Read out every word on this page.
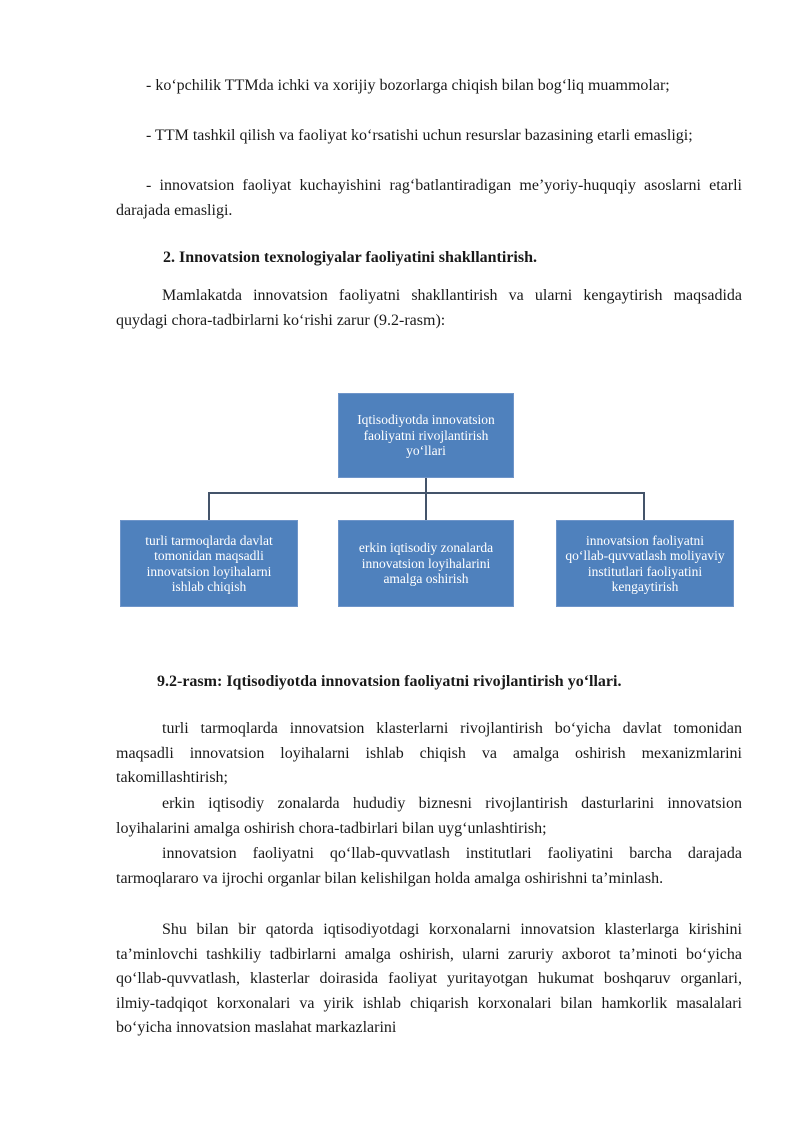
- ko‘pchilik TTMda ichki va xorijiy bozorlarga chiqish bilan bog‘liq muammolar;

- TTM tashkil qilish va faoliyat ko‘rsatishi uchun resurslar bazasining etarli emasligi;

- innovatsion faoliyat kuchayishini rag‘batlantiradigan me’yoriy-huquqiy asoslarni etarli darajada emasligi.

2. Innovatsion texnologiyalar faoliyatini shakllantirish.

Mamlakatda innovatsion faoliyatni shakllantirish va ularni kengaytirish maqsadida quydagi chora-tadbirlarni ko‘rishi zarur (9.2-rasm):

Iqtisodiyotda innovatsion faoliyatni rivojlantirish yo‘llari
turli tarmoqlarda davlat tomonidan maqsadli innovatsion loyihalarni ishlab chiqish
erkin iqtisodiy zonalarda innovatsion loyihalarini amalga oshirish
innovatsion faoliyatni qo‘llab-quvvatlash moliyaviy institutlari faoliyatini kengaytirish
9.2-rasm: Iqtisodiyotda innovatsion faoliyatni rivojlantirish yo‘llari.

turli tarmoqlarda innovatsion klasterlarni rivojlantirish bo‘yicha davlat tomonidan maqsadli innovatsion loyihalarni ishlab chiqish va amalga oshirish mexanizmlarini takomillashtirish;

erkin iqtisodiy zonalarda hududiy biznesni rivojlantirish dasturlarini innovatsion loyihalarini amalga oshirish chora-tadbirlari bilan uyg‘unlashtirish;

innovatsion faoliyatni qo‘llab-quvvatlash institutlari faoliyatini barcha darajada tarmoqlararo va ijrochi organlar bilan kelishilgan holda amalga oshirishni ta’minlash.

Shu bilan bir qatorda iqtisodiyotdagi korxonalarni innovatsion klasterlarga kirishini ta’minlovchi tashkiliy tadbirlarni amalga oshirish, ularni zaruriy axborot ta’minoti bo‘yicha qo‘llab-quvvatlash, klasterlar doirasida faoliyat yuritayotgan hukumat boshqaruv organlari, ilmiy-tadqiqot korxonalari va yirik ishlab chiqarish korxonalari bilan hamkorlik masalalari bo‘yicha innovatsion maslahat markazlarini
